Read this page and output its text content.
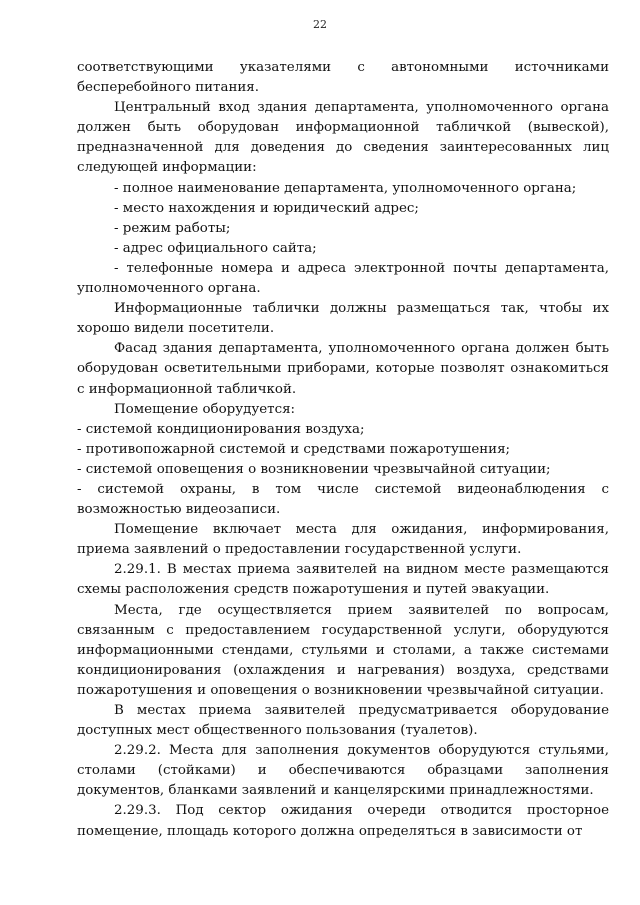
22

соответствующими указателями с автономными источниками бесперебойного питания.

Центральный вход здания департамента, уполномоченного органа должен быть оборудован информационной табличкой (вывеской), предназначенной для доведения до сведения заинтересованных лиц следующей информации:

- полное наименование департамента, уполномоченного органа;

- место нахождения и юридический адрес;

- режим работы;

- адрес официального сайта;

- телефонные номера и адреса электронной почты департамента, уполномоченного органа.

Информационные таблички должны размещаться так, чтобы их хорошо видели посетители.

Фасад здания департамента, уполномоченного органа должен быть оборудован осветительными приборами, которые позволят ознакомиться с информационной табличкой.

Помещение оборудуется:

- системой кондиционирования воздуха;

- противопожарной системой и средствами пожаротушения;

- системой оповещения о возникновении чрезвычайной ситуации;

- системой охраны, в том числе системой видеонаблюдения с возможностью видеозаписи.

Помещение включает места для ожидания, информирования, приема заявлений о предоставлении государственной услуги.

2.29.1. В местах приема заявителей на видном месте размещаются схемы расположения средств пожаротушения и путей эвакуации.

Места, где осуществляется прием заявителей по вопросам, связанным с предоставлением государственной услуги, оборудуются информационными стендами, стульями и столами, а также системами кондиционирования (охлаждения и нагревания) воздуха, средствами пожаротушения и оповещения о возникновении чрезвычайной ситуации.

В местах приема заявителей предусматривается оборудование доступных мест общественного пользования (туалетов).

2.29.2. Места для заполнения документов оборудуются стульями, столами (стойками) и обеспечиваются образцами заполнения документов, бланками заявлений и канцелярскими принадлежностями.

2.29.3. Под сектор ожидания очереди отводится просторное помещение, площадь которого должна определяться в зависимости от
